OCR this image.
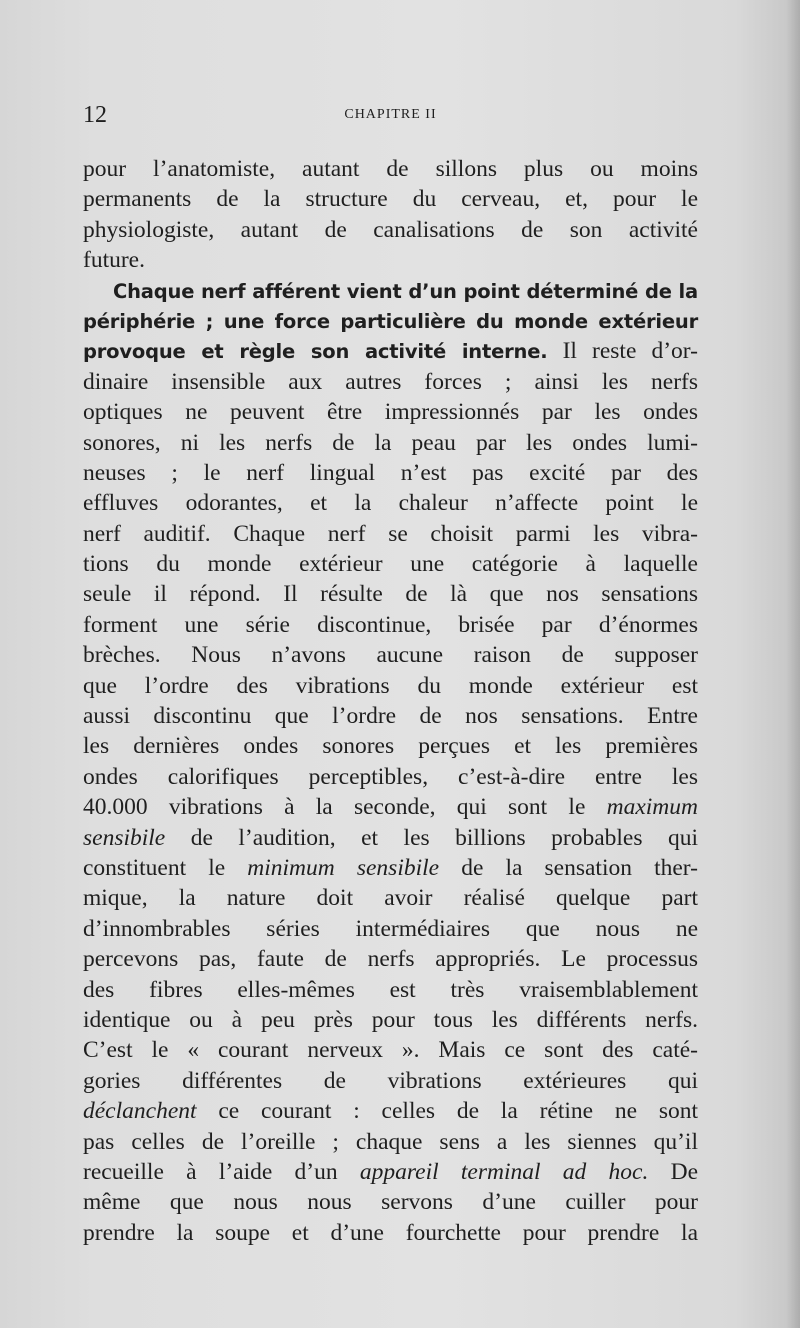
12	CHAPITRE II
pour l’anatomiste, autant de sillons plus ou moins
permanents de la structure du cerveau, et, pour le
physiologiste, autant de canalisations de son activité
future.
Chaque nerf afférent vient d’un point déterminé de la
périphérie ; une force particulière du monde extérieur
provoque et règle son activité interne. Il reste d’or-
dinaire insensible aux autres forces ; ainsi les nerfs
optiques ne peuvent être impressionnés par les ondes
sonores, ni les nerfs de la peau par les ondes lumi-
neuses ; le nerf lingual n’est pas excité par des
effluves odorantes, et la chaleur n’affecte point le
nerf auditif. Chaque nerf se choisit parmi les vibra-
tions du monde extérieur une catégorie à laquelle
seule il répond. Il résulte de là que nos sensations
forment une série discontinue, brisée par d’énormes
brèches. Nous n’avons aucune raison de supposer
que l’ordre des vibrations du monde extérieur est
aussi discontinu que l’ordre de nos sensations. Entre
les dernières ondes sonores perçues et les premières
ondes calorifiques perceptibles, c’est-à-dire entre les
40.000 vibrations à la seconde, qui sont le maximum
sensibile de l’audition, et les billions probables qui
constituent le minimum sensibile de la sensation ther-
mique, la nature doit avoir réalisé quelque part
d’innombrables séries intermédiaires que nous ne
percevons pas, faute de nerfs appropriés. Le processus
des fibres elles-mêmes est très vraisemblablement
identique ou à peu près pour tous les différents nerfs.
C’est le « courant nerveux ». Mais ce sont des caté-
gories différentes de vibrations extérieures qui
déclanchent ce courant : celles de la rétine ne sont
pas celles de l’oreille ; chaque sens a les siennes qu’il
recueille à l’aide d’un appareil terminal ad hoc. De
même que nous nous servons d’une cuiller pour
prendre la soupe et d’une fourchette pour prendre la
